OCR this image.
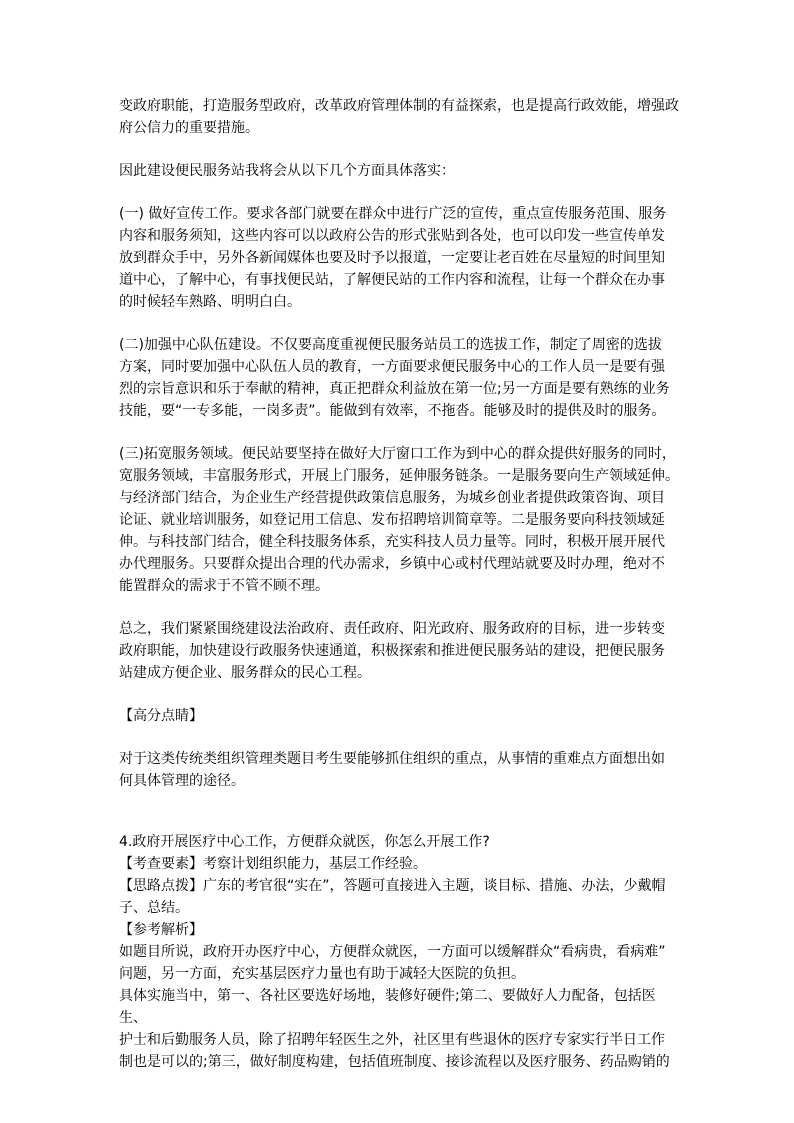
变政府职能，打造服务型政府，改革政府管理体制的有益探索，也是提高行政效能，增强政
府公信力的重要措施。

因此建设便民服务站我将会从以下几个方面具体落实：

(一) 做好宣传工作。要求各部门就要在群众中进行广泛的宣传，重点宣传服务范围、服务
内容和服务须知，这些内容可以以政府公告的形式张贴到各处，也可以印发一些宣传单发
放到群众手中，另外各新闻媒体也要及时予以报道，一定要让老百姓在尽量短的时间里知
道中心，了解中心，有事找便民站，了解便民站的工作内容和流程，让每一个群众在办事
的时候轻车熟路、明明白白。

(二)加强中心队伍建设。不仅要高度重视便民服务站员工的选拔工作，制定了周密的选拔
方案，同时要加强中心队伍人员的教育，一方面要求便民服务中心的工作人员一是要有强
烈的宗旨意识和乐于奉献的精神，真正把群众利益放在第一位;另一方面是要有熟练的业务
技能，要“一专多能，一岗多责”。能做到有效率，不拖沓。能够及时的提供及时的服务。

(三)拓宽服务领域。便民站要坚持在做好大厅窗口工作为到中心的群众提供好服务的同时，
宽服务领域，丰富服务形式，开展上门服务，延伸服务链条。一是服务要向生产领域延伸。
与经济部门结合，为企业生产经营提供政策信息服务，为城乡创业者提供政策咨询、项目
论证、就业培训服务，如登记用工信息、发布招聘培训简章等。二是服务要向科技领域延
伸。与科技部门结合，健全科技服务体系，充实科技人员力量等。同时，积极开展开展代
办代理服务。只要群众提出合理的代办需求，乡镇中心或村代理站就要及时办理，绝对不
能置群众的需求于不管不顾不理。

总之，我们紧紧围绕建设法治政府、责任政府、阳光政府、服务政府的目标，进一步转变
政府职能，加快建设行政服务快速通道，积极探索和推进便民服务站的建设，把便民服务
站建成方便企业、服务群众的民心工程。

【高分点睛】

对于这类传统类组织管理类题目考生要能够抓住组织的重点，从事情的重难点方面想出如
何具体管理的途径。

4.政府开展医疗中心工作，方便群众就医，你怎么开展工作?

【考查要素】考察计划组织能力，基层工作经验。

【思路点拨】广东的考官很“实在”，答题可直接进入主题，谈目标、措施、办法，少戴帽
子、总结。

【参考解析】

如题目所说，政府开办医疗中心，方便群众就医，一方面可以缓解群众“看病贵，看病难”
问题，另一方面，充实基层医疗力量也有助于减轻大医院的负担。

具体实施当中，第一、各社区要选好场地，装修好硬件;第二、要做好人力配备，包括医生、
护士和后勤服务人员，除了招聘年轻医生之外，社区里有些退休的医疗专家实行半日工作
制也是可以的;第三，做好制度构建，包括值班制度、接诊流程以及医疗服务、药品购销的
